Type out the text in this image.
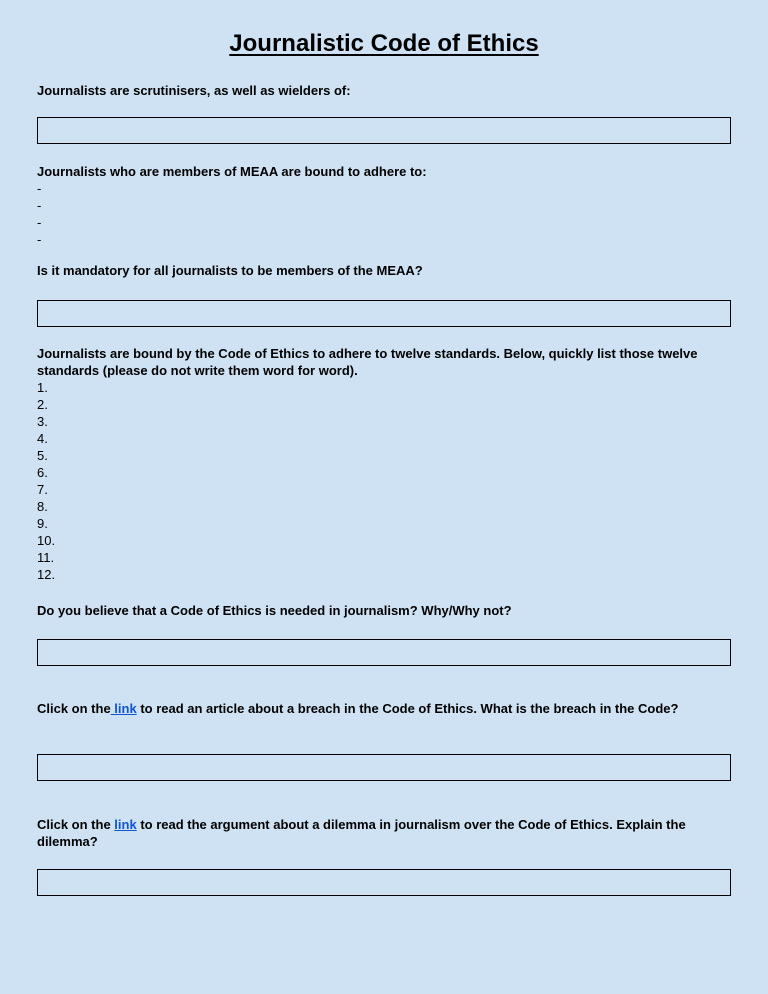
Journalistic Code of Ethics

Journalists are scrutinisers, as well as wielders of:

Journalists who are members of MEAA are bound to adhere to:

-
-
-
-

Is it mandatory for all journalists to be members of the MEAA?

Journalists are bound by the Code of Ethics to adhere to twelve standards. Below, quickly list those twelve standards (please do not write them word for word).

1.
2.
3.
4.
5.
6.
7.
8.
9.
10.
11.
12.

Do you believe that a Code of Ethics is needed in journalism? Why/Why not?

Click on the link to read an article about a breach in the Code of Ethics. What is the breach in the Code?

Click on the link to read the argument about a dilemma in journalism over the Code of Ethics. Explain the dilemma?
